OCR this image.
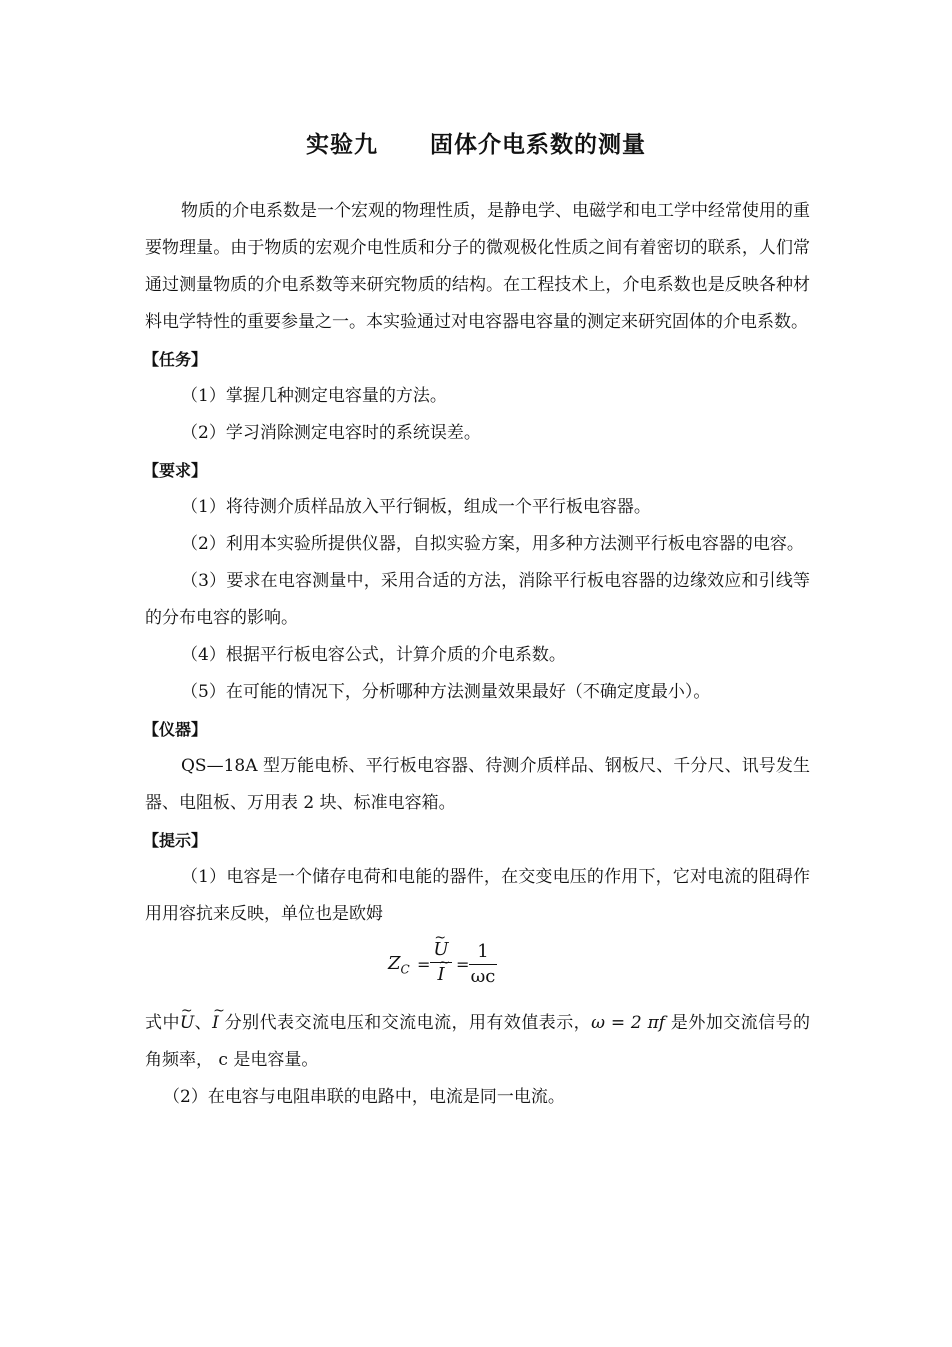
实验九 固体介电系数的测量

物质的介电系数是一个宏观的物理性质，是静电学、电磁学和电工学中经常使用的重要物理量。由于物质的宏观介电性质和分子的微观极化性质之间有着密切的联系，人们常通过测量物质的介电系数等来研究物质的结构。在工程技术上，介电系数也是反映各种材料电学特性的重要参量之一。本实验通过对电容器电容量的测定来研究固体的介电系数。

【任务】

（1）掌握几种测定电容量的方法。

（2）学习消除测定电容时的系统误差。

【要求】

（1）将待测介质样品放入平行铜板，组成一个平行板电容器。

（2）利用本实验所提供仪器，自拟实验方案，用多种方法测平行板电容器的电容。

（3）要求在电容测量中，采用合适的方法，消除平行板电容器的边缘效应和引线等的分布电容的影响。

（4）根据平行板电容公式，计算介质的介电系数。

（5）在可能的情况下，分析哪种方法测量效果最好（不确定度最小）。

【仪器】

QS—18A 型万能电桥、平行板电容器、待测介质样品、钢板尺、千分尺、讯号发生器、电阻板、万用表 2 块、标准电容箱。

【提示】

（1）电容是一个储存电荷和电能的器件，在交变电压的作用下，它对电流的阻碍作用用容抗来反映，单位也是欧姆

$Z_C$ =
~ U
~ I =
1
ωc

式中~ U、~ I 分别代表交流电压和交流电流，用有效值表示，ω = 2 πf 是外加交流信号的角频率， c 是电容量。

（2）在电容与电阻串联的电路中，电流是同一电流。
